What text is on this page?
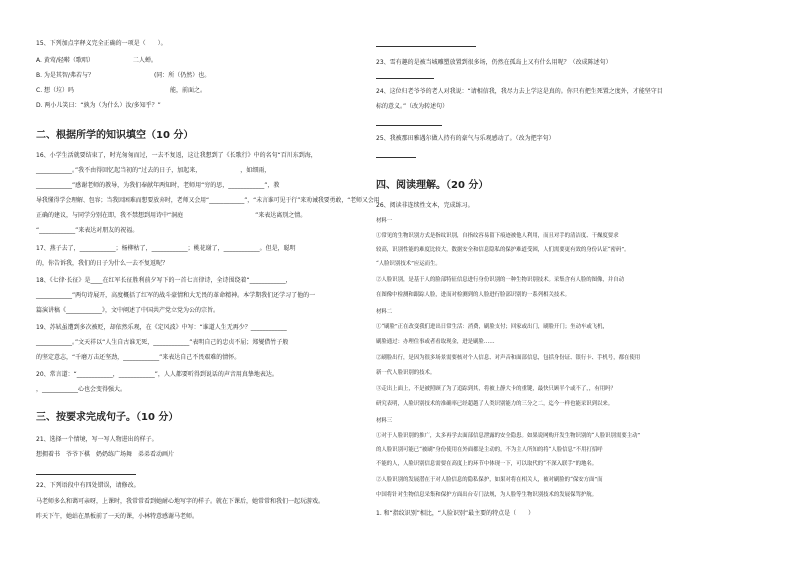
15、下列加点字释义完全正确的一项是（　　）。
A. 黄莺/轻啭（歌唱）　　　　　　　二人蝉。
B. 为是其智/弗若与？　　　　　　　　　　(同：所（仍然）也。
C. 想（垃）吗　　　　　　　　　　　　　　　　能，前面之。
D. 两小儿笑曰：“孰为（为什么）汝/多知乎？”
二、根据所学的知识填空（10 分）
16、小学生活就要结束了，时光匆匆而过，一去不复返，这让我想到了《长歌行》中的名句“百川东到海，
____________。”我不由得回忆起当初的“过去的日子，加起来，　　　　　　　，如细雨，
____________”感谢老师的教导，为我们奉献年两知时，老师用“穷的思，____________”，教
导我懂得学会理解、包容；当我因困难而想要放弃时，老师又会用“____________”，“未言谁可见于行”来劝诫我要勇敢，“老师又会用
正确的建议，与同学分别在即，我不禁想到用诗中“洞庭　　　　　　　　　　　　”来表达离别之情。
“____________”来表达对朋友的祝福。
17、燕子去了，____________；杨柳枯了，____________；桃花谢了，____________。但是，聪明
的，你告诉我，我们的日子为什么一去不复返呢？
18、《七律·长征》是____在红军长征胜利前夕写下的一首七言律诗，全诗围绕着“____________，
____________”两句诗展开，高度概括了红军的战斗豪情和大无畏的革命精神。本学期我们还学习了他的一
篇演讲稿《____________》，文中阐述了中国共产党立党为公的宗旨。
19、苏轼虽遭到多次被贬，却依然乐观，在《定风波》中写：“谁道人生无再少？____________
____________。”文天祥以“人生自古谁无死，____________”表明自己的忠贞不屈；郑燮借竹子般
的坚定意志，“千磨万击还坚劲，____________”来表达自己不畏艰难的情怀。
20、常言道：“____________，____________”，人人都要听得到说话的声音用真挚地表达。
，____________心也会变得强大。
三、按要求完成句子。（10 分）
21、选择一个情境，写一写人物进出的样子。
想拥着书　爷爷下棋　奶奶练广场舞　弟弟看动画片
22、下列语段中有四处错误，请修改。
马老师多么和蔼可亲呀，上课时，我常常看到她耐心地写字的样子。就在下课后，她常常和我们一起玩游戏。
昨天下午，她站在黑板前了一天的课，小林特意感谢马老师。
23、雪有趣的是被当城雕塑放置到很多场，仍然在孤岛上又有什么用呢？（改成陈述句）
24、这位归老爷爷的老人对我说：“请相信我，我尽力去上学这是真的。你只有把生死置之度外，才能坚守目
标的意义。”（改为转述句）
25、我被那田雅遇尔做人持有的豪气与乐观感动了。（改为把字句）
四、阅读理解。（20 分）
26、阅读非连续性文本，完成练习。
材料一
①常见的生物识别方式是指纹识别，自指纹容易留下痕迹被他人利用，而且对手的清洁度、干燥度要求
较高，识别性能的难度比较大，数据安全和信息隐私的保护难道受困，人们需要更有效的身份认证“密码”。
“人脸识别技术”应运而生。
②人脸识别，是基于人的脸部特征信息进行身份识别的一种生物识别技术。采集含有人脸的图像，并自动
在图像中检测和跟踪人脸，进而对检测到的人脸进行脸部识别的一系列相关技术。
材料二
①“刷脸”正在改变我们进出日常生活：消费，刷脸支付；回家或出门，刷脸开门；坐动车或飞机，
刷脸通过：办理住事或者看取现金，进是刷脸……
②刷脸出行，是因为很多场景需要核对个人信息、对声音和面部信息，包括身份证、银行卡、手机号，都在使用
新一代人脸识别的技术。
③走出上面上，不是被照顾了为了追踪到其，将被上静大卡的重键，最快只顾半个或不了，，有用吗？
研究表明，人脸识别技术的准确率已经超越了人类识别能力的三分之二，迄今一样也能采识到以来。
材料三
①对于人脸识别的推广，太多再学去面部信息泄露的安全隐患。如果说网购开发生物识别的“人脸识别需要主动”
的人脸识别可能已“被刷”身份使用在外面都是主动的，不为主人所知的将“人脸信息”不用打招呼
不能的人，人脸识别信息需要在高度上的环节中体现一下，可以取代的“不深入联手”的地名。
②人脸识别的发展潜在于对人脸信息的隐私保护，如果对将在相关人，被对刷脸的“保安方面”而
中国将针对生物信息采集和保护方面出台专门法规，为人脸等生物识别技术的发展保驾护航。
1. 和“指纹识别”相比，“人脸识别”最主要的特点是（　　）
